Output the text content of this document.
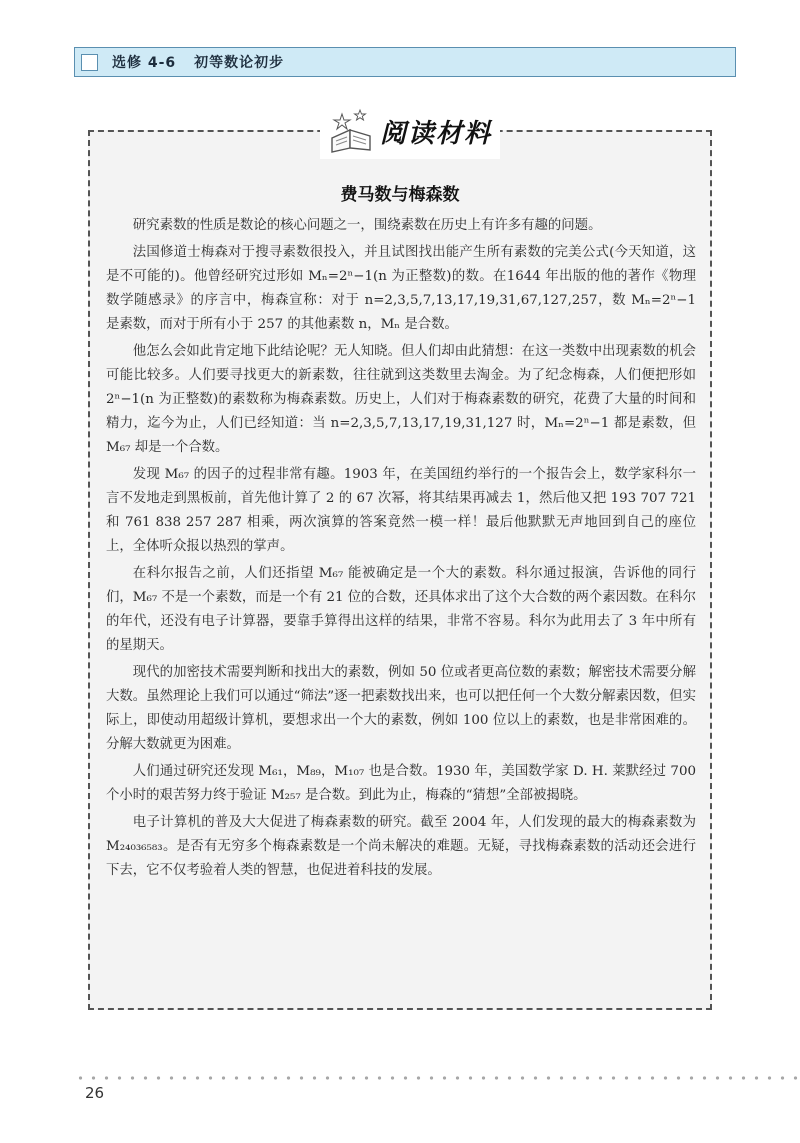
选修 4-6 初等数论初步
阅读材料
费马数与梅森数

研究素数的性质是数论的核心问题之一，围绕素数在历史上有许多有趣的问题。

法国修道士梅森对于搜寻素数很投入，并且试图找出能产生所有素数的完美公式(今天知道，这是不可能的)。他曾经研究过形如 Mₙ=2ⁿ−1(n 为正整数)的数。在1644 年出版的他的著作《物理数学随感录》的序言中，梅森宣称：对于 n=2,3,5,7,13,17,19,31,67,127,257，数 Mₙ=2ⁿ−1 是素数，而对于所有小于 257 的其他素数 n，Mₙ 是合数。

他怎么会如此肯定地下此结论呢？无人知晓。但人们却由此猜想：在这一类数中出现素数的机会可能比较多。人们要寻找更大的新素数，往往就到这类数里去淘金。为了纪念梅森，人们便把形如 2ⁿ−1(n 为正整数)的素数称为梅森素数。历史上，人们对于梅森素数的研究，花费了大量的时间和精力，迄今为止，人们已经知道：当 n=2,3,5,7,13,17,19,31,127 时，Mₙ=2ⁿ−1 都是素数，但 M₆₇ 却是一个合数。

发现 M₆₇ 的因子的过程非常有趣。1903 年，在美国纽约举行的一个报告会上，数学家科尔一言不发地走到黑板前，首先他计算了 2 的 67 次幂，将其结果再减去 1，然后他又把 193 707 721 和 761 838 257 287 相乘，两次演算的答案竟然一模一样！最后他默默无声地回到自己的座位上，全体听众报以热烈的掌声。

在科尔报告之前，人们还指望 M₆₇ 能被确定是一个大的素数。科尔通过报演，告诉他的同行们，M₆₇ 不是一个素数，而是一个有 21 位的合数，还具体求出了这个大合数的两个素因数。在科尔的年代，还没有电子计算器，要靠手算得出这样的结果，非常不容易。科尔为此用去了 3 年中所有的星期天。

现代的加密技术需要判断和找出大的素数，例如 50 位或者更高位数的素数；解密技术需要分解大数。虽然理论上我们可以通过“筛法”逐一把素数找出来，也可以把任何一个大数分解素因数，但实际上，即使动用超级计算机，要想求出一个大的素数，例如 100 位以上的素数，也是非常困难的。分解大数就更为困难。

人们通过研究还发现 M₆₁，M₈₉，M₁₀₇ 也是合数。1930 年，美国数学家 D. H. 莱默经过 700 个小时的艰苦努力终于验证 M₂₅₇ 是合数。到此为止，梅森的“猜想”全部被揭晓。

电子计算机的普及大大促进了梅森素数的研究。截至 2004 年，人们发现的最大的梅森素数为 M₂₄₀₃₆₅₈₃。是否有无穷多个梅森素数是一个尚未解决的难题。无疑，寻找梅森素数的活动还会进行下去，它不仅考验着人类的智慧，也促进着科技的发展。

26
